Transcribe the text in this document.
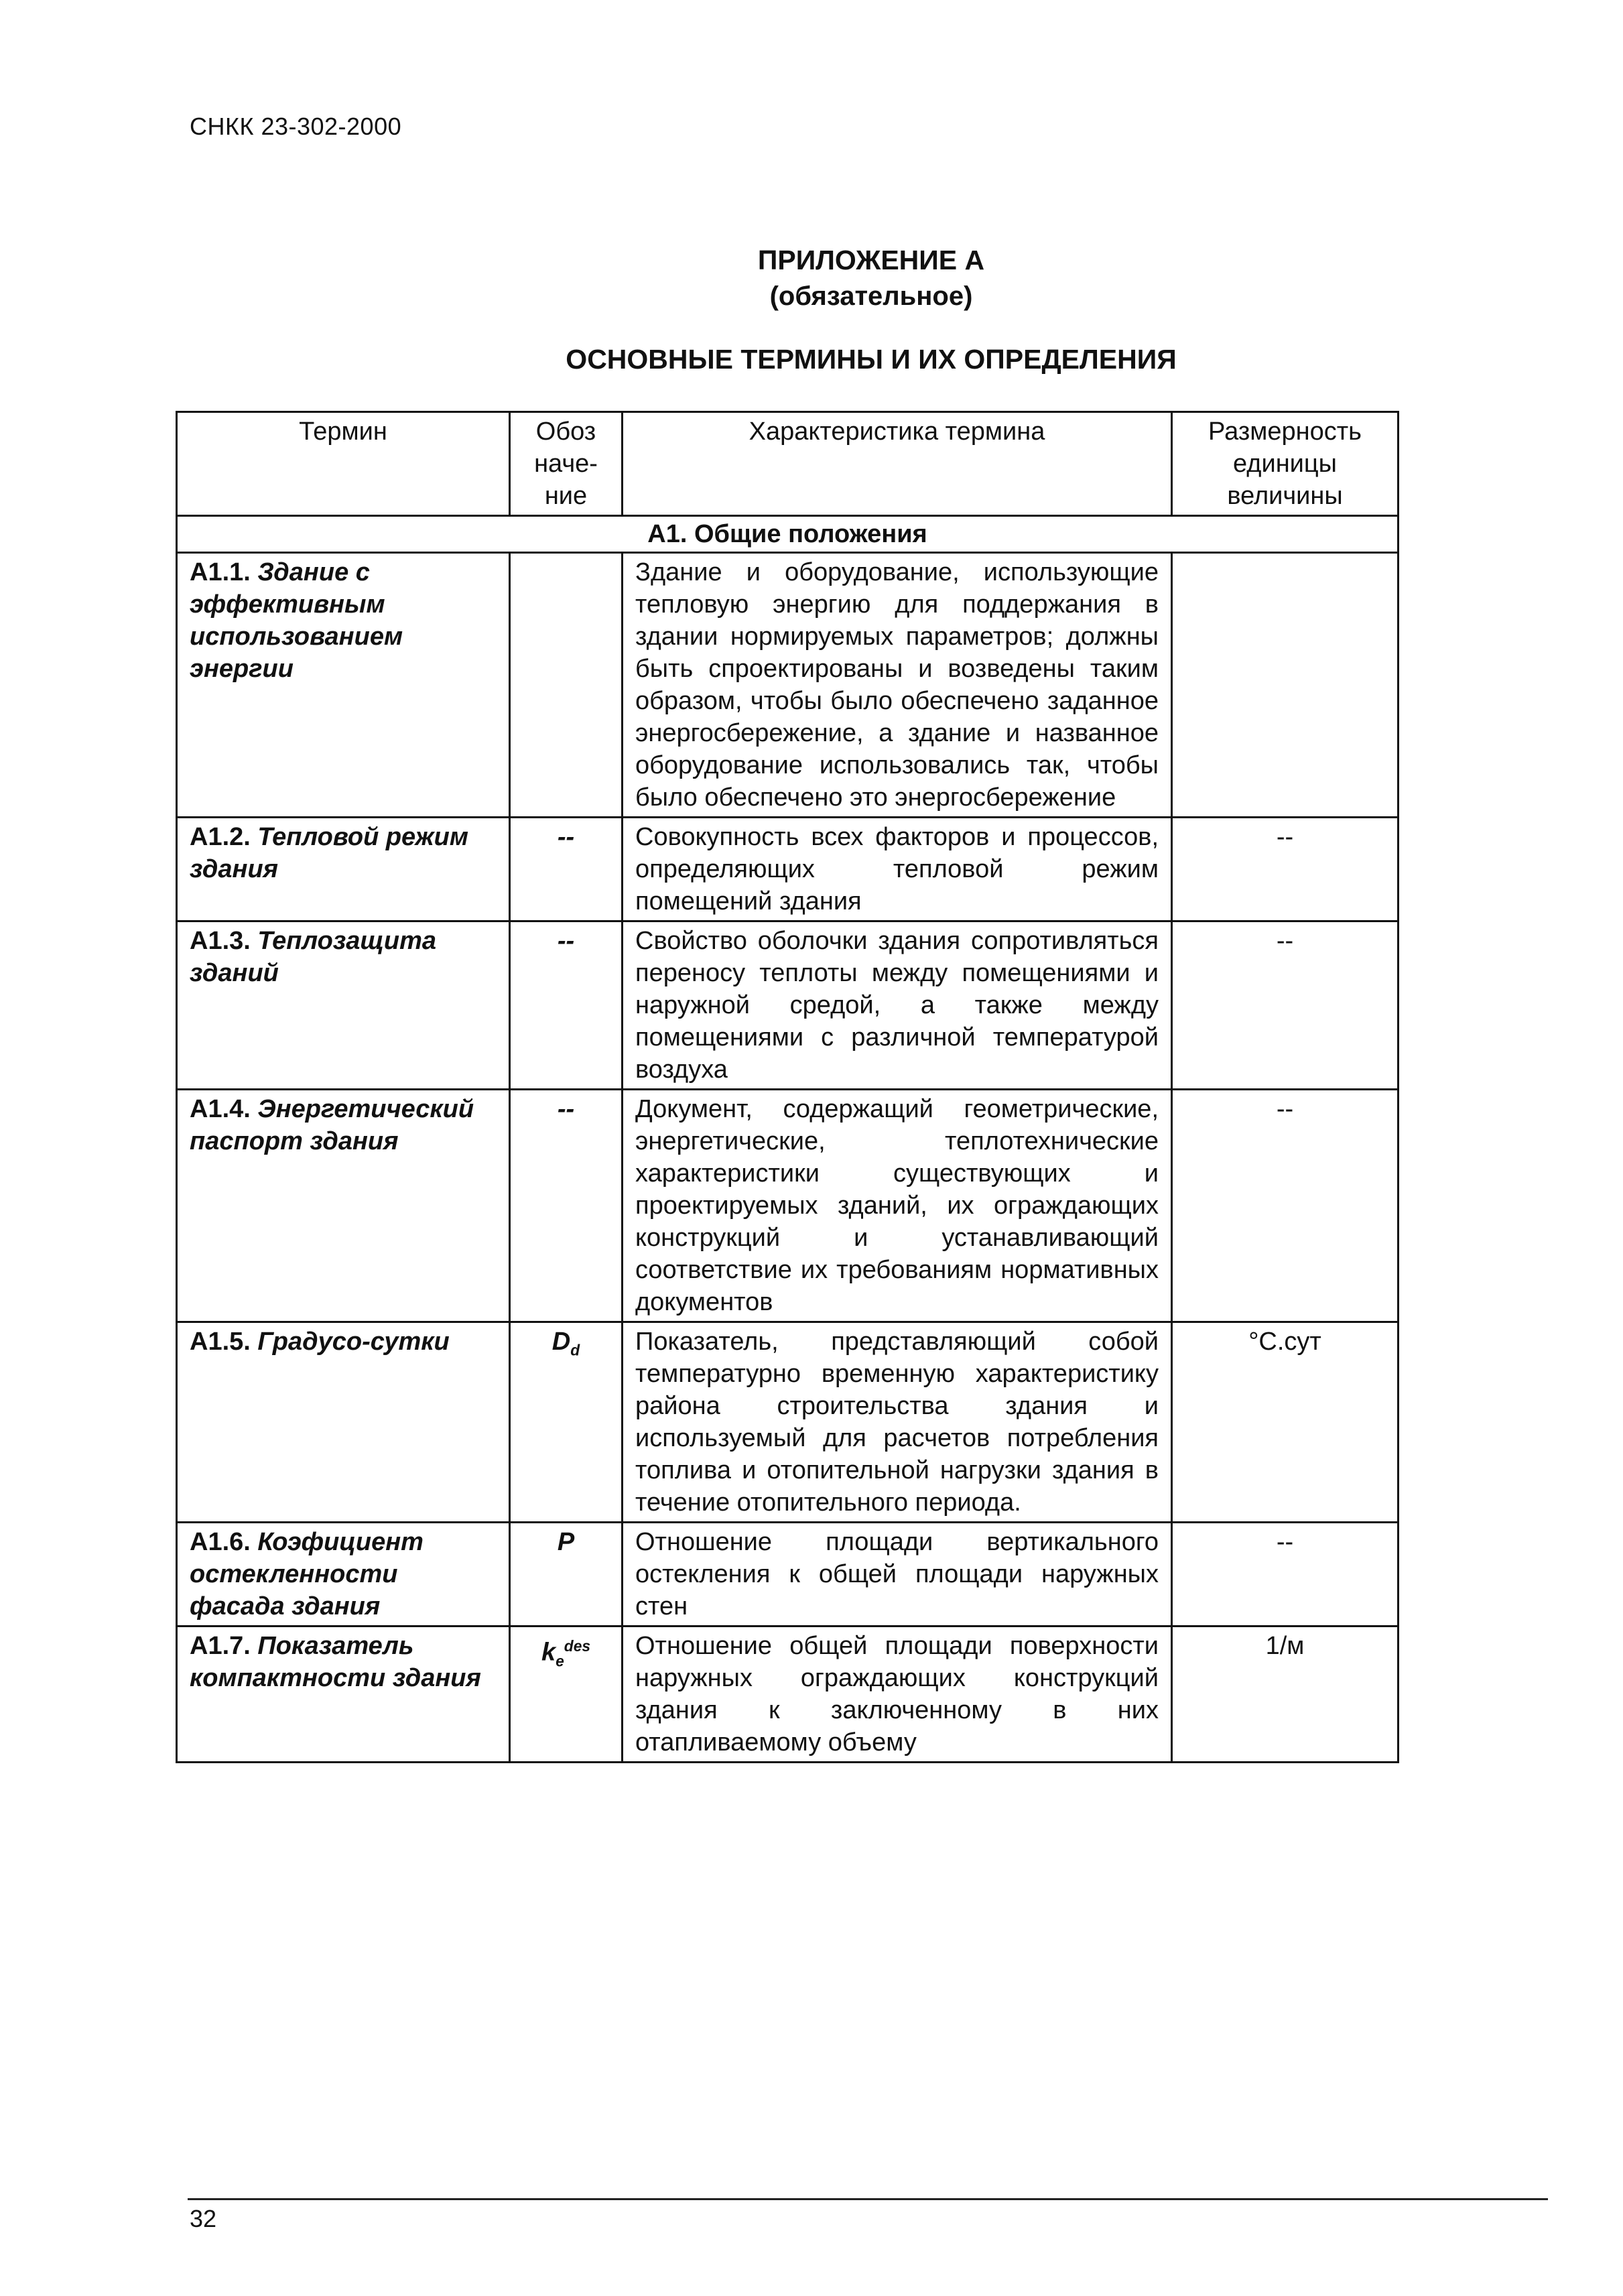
СНКК 23-302-2000
ПРИЛОЖЕНИЕ А
(обязательное)
ОСНОВНЫЕ ТЕРМИНЫ И ИХ ОПРЕДЕЛЕНИЯ
Термин	Обоз наче- ние	Характеристика термина	Размерность единицы величины
А1. Общие положения			
А1.1. Здание с эффективным использованием энергии		Здание и оборудование, использующие тепловую энергию для поддержания в здании нормируемых параметров; должны быть спроектированы и возведены таким образом, чтобы было обеспечено заданное энергосбережение, а здание и названное оборудование использовались так, чтобы было обеспечено это энергосбережение	
А1.2. Тепловой режим здания	--	Совокупность всех факторов и процессов, определяющих тепловой режим помещений здания	--
А1.3. Теплозащита зданий	--	Свойство оболочки здания сопротивляться переносу теплоты между помещениями и наружной средой, а также между помещениями с различной температурой воздуха	--
А1.4. Энергетический паспорт здания	--	Документ, содержащий геометрические, энергетические, теплотехнические характеристики существующих и проектируемых зданий, их ограждающих конструкций и устанавливающий соответствие их требованиям нормативных документов	--
А1.5. Градусо-сутки	$D_d$	Показатель, представляющий собой температурно временную характеристику района строительства здания и используемый для расчетов потребления топлива и отопительной нагрузки здания в течение отопительного периода.	°С.сут
А1.6. Коэфициент остекленности фасада здания	P	Отношение площади вертикального остекления к общей площади наружных стен	--
А1.7. Показатель компактности здания	$k_e^{des}$	Отношение общей площади поверхности наружных ограждающих конструкций здания к заключенному в них отапливаемому объему	1/м
32
